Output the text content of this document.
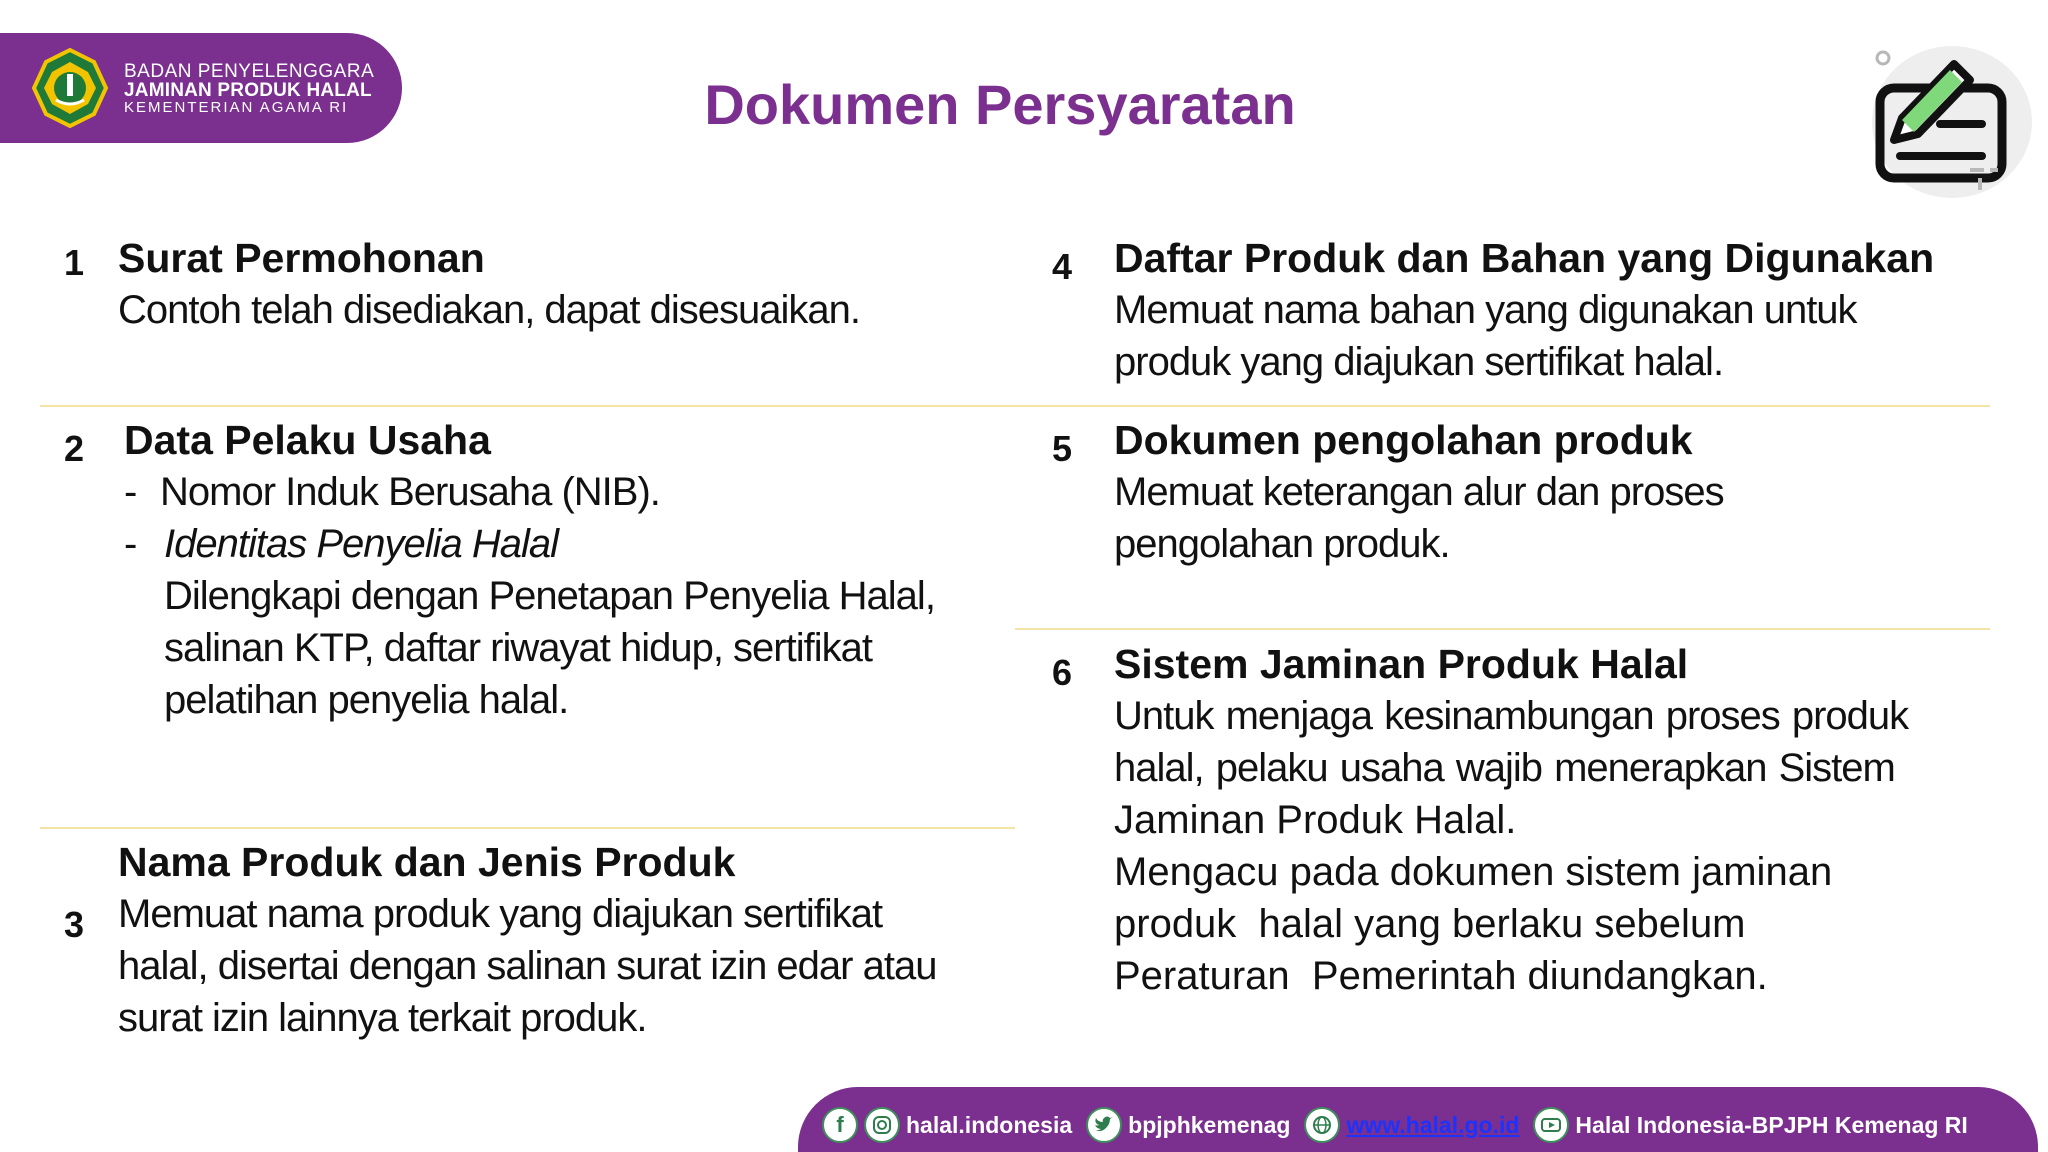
BADAN PENYELENGGARA
JAMINAN PRODUK HALAL
KEMENTERIAN AGAMA RI	Dokumen Persyaratan
1 Surat Permohonan
Contoh telah disediakan, dapat disesuaikan.
2 Data Pelaku Usaha
- Nomor Induk Berusaha (NIB).
- Identitas Penyelia Halal
Dilengkapi dengan Penetapan Penyelia Halal,
salinan KTP, daftar riwayat hidup, sertifikat
pelatihan penyelia halal.
3
Nama Produk dan Jenis Produk
Memuat nama produk yang diajukan sertifikat
halal, disertai dengan salinan surat izin edar atau
surat izin lainnya terkait produk.
4 Daftar Produk dan Bahan yang Digunakan
Memuat nama bahan yang digunakan untuk
produk yang diajukan sertifikat halal.
5 Dokumen pengolahan produk
Memuat keterangan alur dan proses
pengolahan produk.
6 Sistem Jaminan Produk Halal
Untuk menjaga kesinambungan proses produk
halal, pelaku usaha wajib menerapkan Sistem
Jaminan Produk Halal.
Mengacu pada dokumen sistem jaminan
produk  halal yang berlaku sebelum
Peraturan  Pemerintah diundangkan.
f	halal.indonesia bpjphkemenag www.halal.go.id Halal Indonesia-BPJPH Kemenag RI
